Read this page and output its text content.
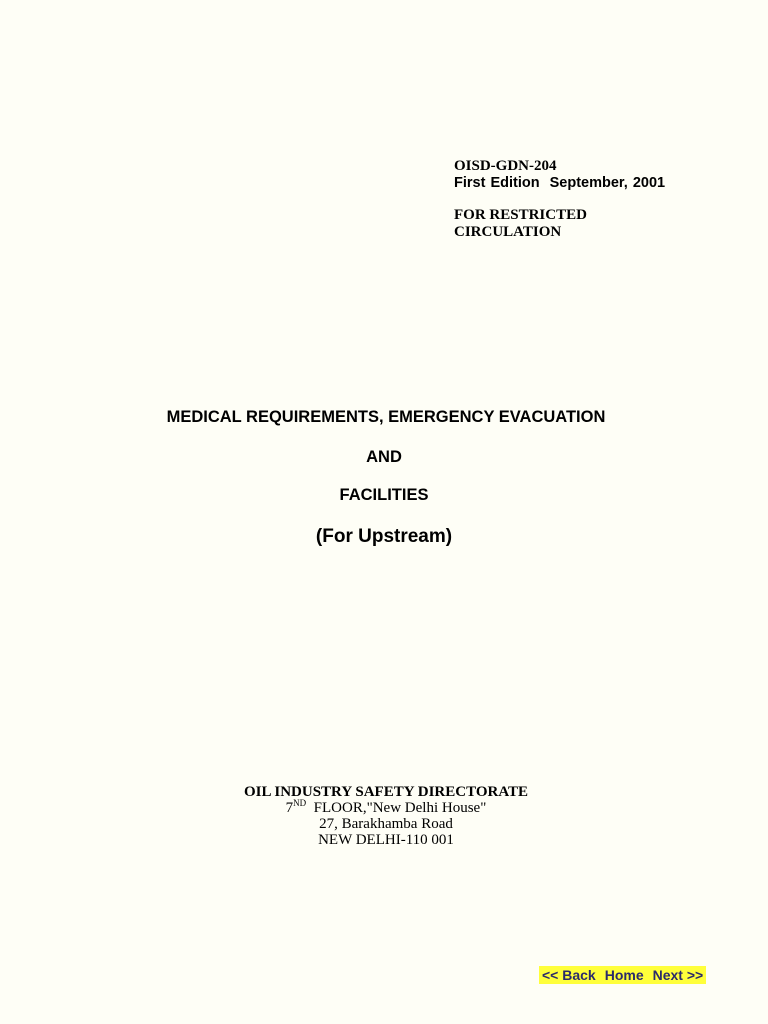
OISD-GDN-204
First Edition  September, 2001
FOR RESTRICTED
CIRCULATION
MEDICAL REQUIREMENTS, EMERGENCY EVACUATION
AND
FACILITIES
(For Upstream)
OIL INDUSTRY SAFETY DIRECTORATE
7ND FLOOR,"New Delhi House"
27, Barakhamba Road
NEW DELHI-110 001
<< Back Home Next >>
